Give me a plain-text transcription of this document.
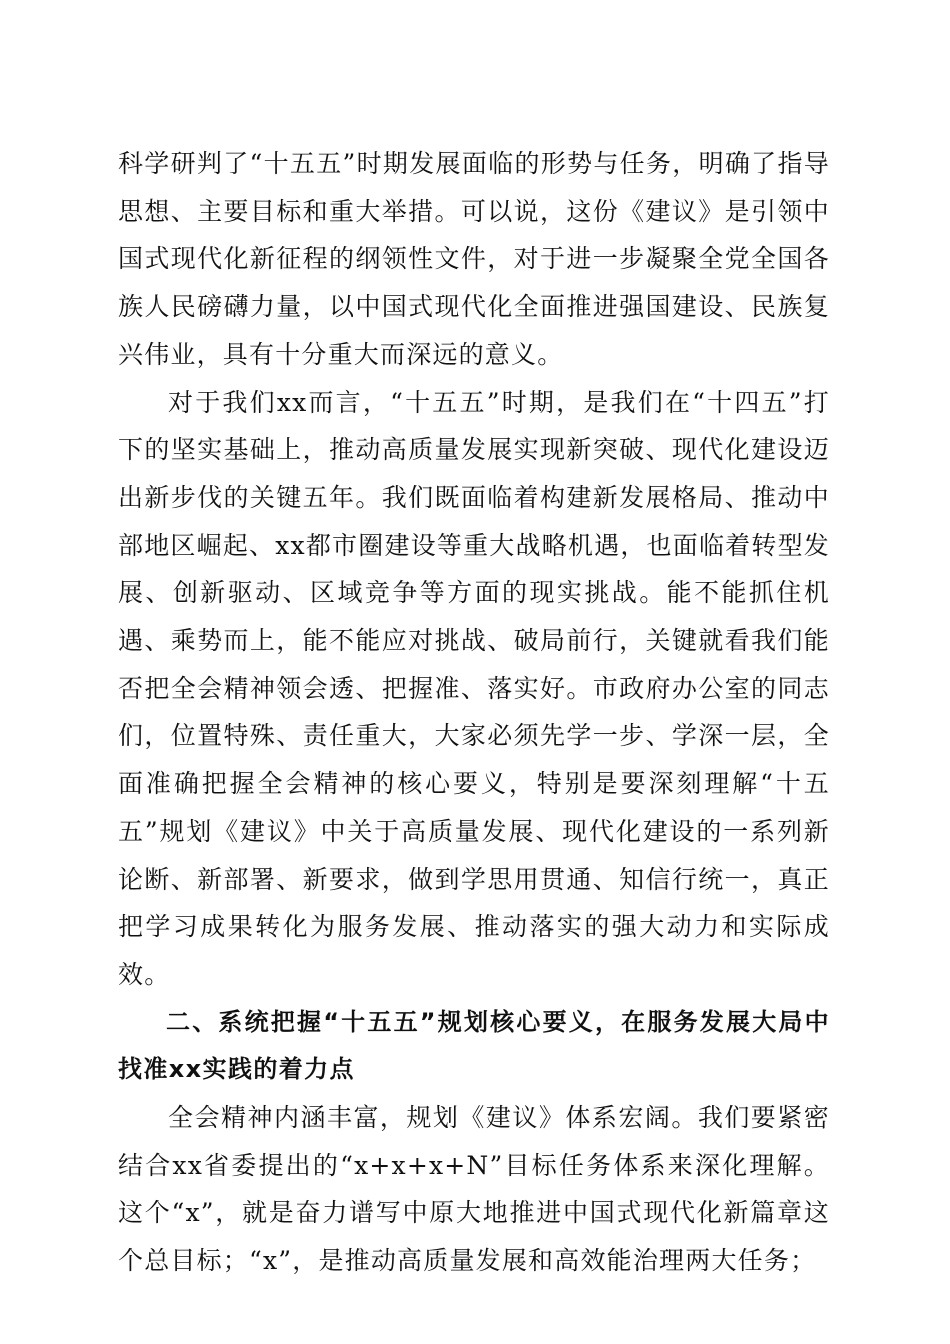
科学研判了“十五五”时期发展面临的形势与任务，明确了指导思想、主要目标和重大举措。可以说，这份《建议》是引领中国式现代化新征程的纲领性文件，对于进一步凝聚全党全国各族人民磅礴力量，以中国式现代化全面推进强国建设、民族复兴伟业，具有十分重大而深远的意义。

对于我们xx而言，“十五五”时期，是我们在“十四五”打下的坚实基础上，推动高质量发展实现新突破、现代化建设迈出新步伐的关键五年。我们既面临着构建新发展格局、推动中部地区崛起、xx都市圈建设等重大战略机遇，也面临着转型发展、创新驱动、区域竞争等方面的现实挑战。能不能抓住机遇、乘势而上，能不能应对挑战、破局前行，关键就看我们能否把全会精神领会透、把握准、落实好。市政府办公室的同志们，位置特殊、责任重大，大家必须先学一步、学深一层，全面准确把握全会精神的核心要义，特别是要深刻理解“十五五”规划《建议》中关于高质量发展、现代化建设的一系列新论断、新部署、新要求，做到学思用贯通、知信行统一，真正把学习成果转化为服务发展、推动落实的强大动力和实际成效。

二、系统把握“十五五”规划核心要义，在服务发展大局中找准xx实践的着力点

全会精神内涵丰富，规划《建议》体系宏阔。我们要紧密结合xx省委提出的“x+x+x+N”目标任务体系来深化理解。这个“x”，就是奋力谱写中原大地推进中国式现代化新篇章这个总目标；“x”，是推动高质量发展和高效能治理两大任务；
